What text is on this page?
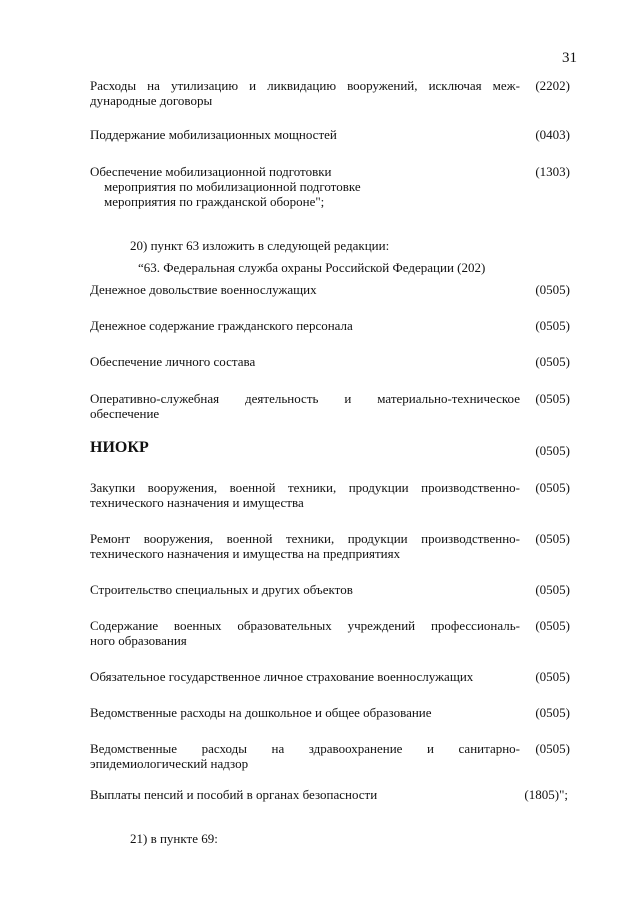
31
Расходы на утилизацию и ликвидацию вооружений, исключая меж-
дународные договоры
(2202)
Поддержание мобилизационных мощностей	(0403)
Обеспечение мобилизационной подготовки
мероприятия по мобилизационной подготовке
мероприятия по гражданской обороне";
(1303)
20) пункт 63 изложить в следующей редакции:
“63. Федеральная служба охраны Российской Федерации (202)
Денежное довольствие военнослужащих	(0505)
Денежное содержание гражданского персонала	(0505)
Обеспечение личного состава	(0505)
Оперативно-служебная деятельность и материально-техническое
обеспечение
(0505)
НИОКР	(0505)
Закупки вооружения, военной техники, продукции производственно-
технического назначения и имущества
(0505)
Ремонт вооружения, военной техники, продукции производственно-
технического назначения и имущества на предприятиях
(0505)
Строительство специальных и других объектов	(0505)
Содержание военных образовательных учреждений профессиональ-
ного образования
(0505)
Обязательное государственное личное страхование военнослужащих	(0505)
Ведомственные расходы на дошкольное и общее образование	(0505)
Ведомственные расходы на здравоохранение и санитарно-
эпидемиологический надзор
(0505)
Выплаты пенсий и пособий в органах безопасности	(1805)";
21) в пункте 69:
